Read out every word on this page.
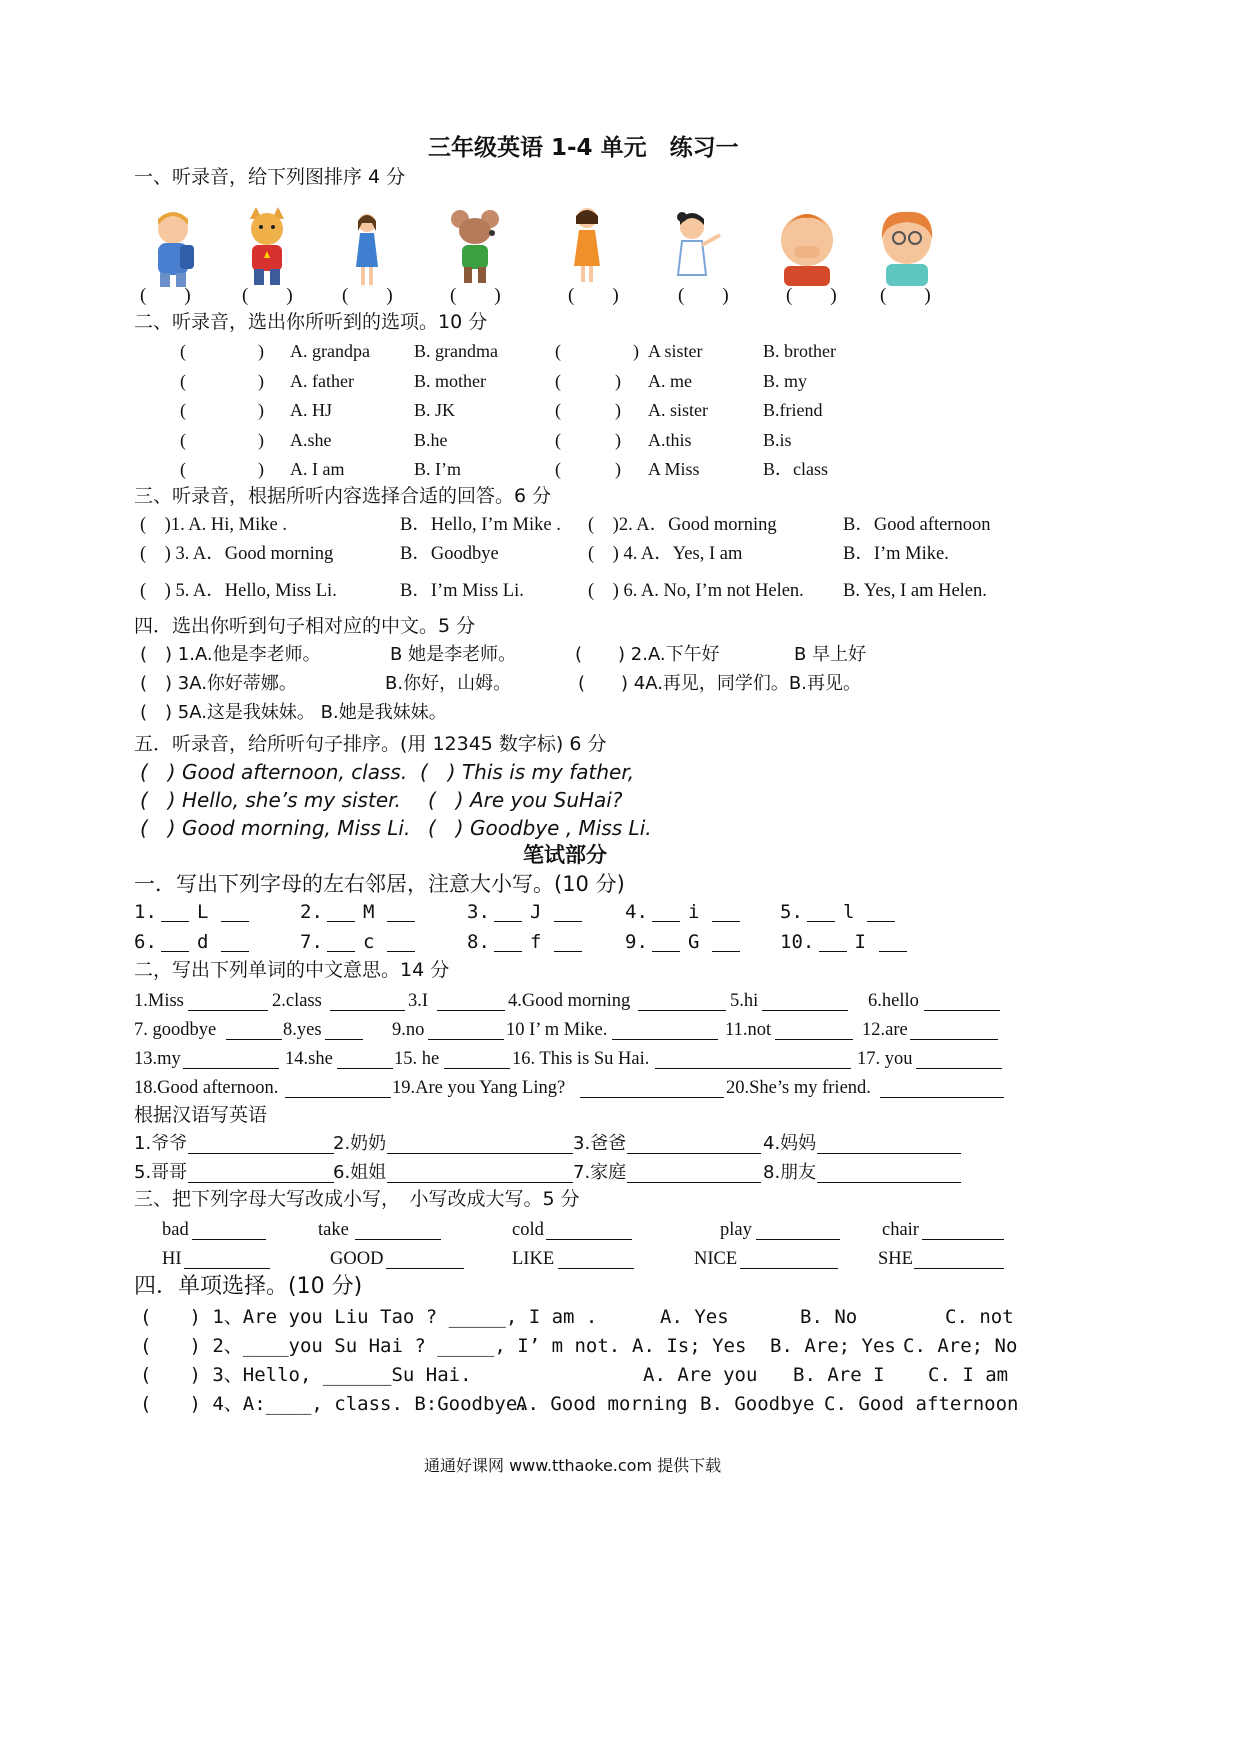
三年级英语 1-4 单元　练习一
一、听录音，给下列图排序 4 分
(　　)	(　　)	(　　)	(　　)	(　　)	(　　)	(　　) (　　)
二、听录音，选出你所听到的选项。10 分
(　　　　) A. grandpa B. grandma	(　　　　) A sister	B. brother
(　　　　) A. father	B. mother	(　　　) A. me	B. my
(　　　　) A. HJ	B. JK	(　　　) A. sister	B.friend
(　　　　) A.she	B.he	(　　　) A.this	B.is
(　　　　) A. I am	B. I’m	(　　　) A Miss	B．class
三、听录音，根据所听内容选择合适的回答。6 分
(　)1. A. Hi, Mike .	B．Hello, I’m Mike . (　)2. A．Good morning	B．Good afternoon
(　) 3. A．Good morning	B．Goodbye	(　) 4. A．Yes, I am	B．I’m Mike.
(　) 5. A．Hello, Miss Li.	B．I’m Miss Li.	(　) 6. A. No, I’m not Helen. B. Yes, I am Helen.
四．选出你听到句子相对应的中文。5 分
(　) 1.A.他是李老师。	B 她是李老师。	(　　) 2.A.下午好	B 早上好
(　) 3A.你好蒂娜。	B.你好，山姆。	(　　) 4A.再见，同学们。B.再见。
(　) 5A.这是我妹妹。 B.她是我妹妹。
五．听录音，给所听句子排序。(用 12345 数字标) 6 分
(　) Good afternoon, class. (　) This is my father,
(　) Hello, she’s my sister. (　) Are you SuHai?
(　) Good morning, Miss Li. (　) Goodbye , Miss Li.
笔试部分
一．写出下列字母的左右邻居，注意大小写。(10 分)
1. L	2. M	3. J	4. i	5. l
6. d	7. c	8. f	9. G	10. I
二，写出下列单词的中文意思。14 分
1.Miss	2.class	3.I	4.Good morning	5.hi	6.hello
7. goodbye	8.yes	9.no	10 I’ m Mike.	11.not	12.are
13.my	14.she	15. he	16. This is Su Hai.	17. you
18.Good afternoon.	19.Are you Yang Ling?	20.She’s my friend.
根据汉语写英语
1.爷爷	2.奶奶	3.爸爸	4.妈妈
5.哥哥	6.姐姐	7.家庭	8.朋友
三、把下列字母大写改成小写，　小写改成大写。5 分
bad	take	cold	play	chair
HI	GOOD	LIKE	NICE	SHE
四．单项选择。(10 分)
(　　) 1、Are you Liu Tao ? _____, I am .	A. Yes	B. No	C. not
(　　) 2、____you Su Hai ? _____, I’ m not. A. Is; Yes B. Are; Yes C. Are; No
(　　) 3、Hello, ______Su Hai.	A. Are you B. Are I C. I am
(　　) 4、A:____, class. B:Goodbye.
A. Good morning B. Goodbye C. Good afternoon
通通好课网 www.tthaoke.com 提供下载
